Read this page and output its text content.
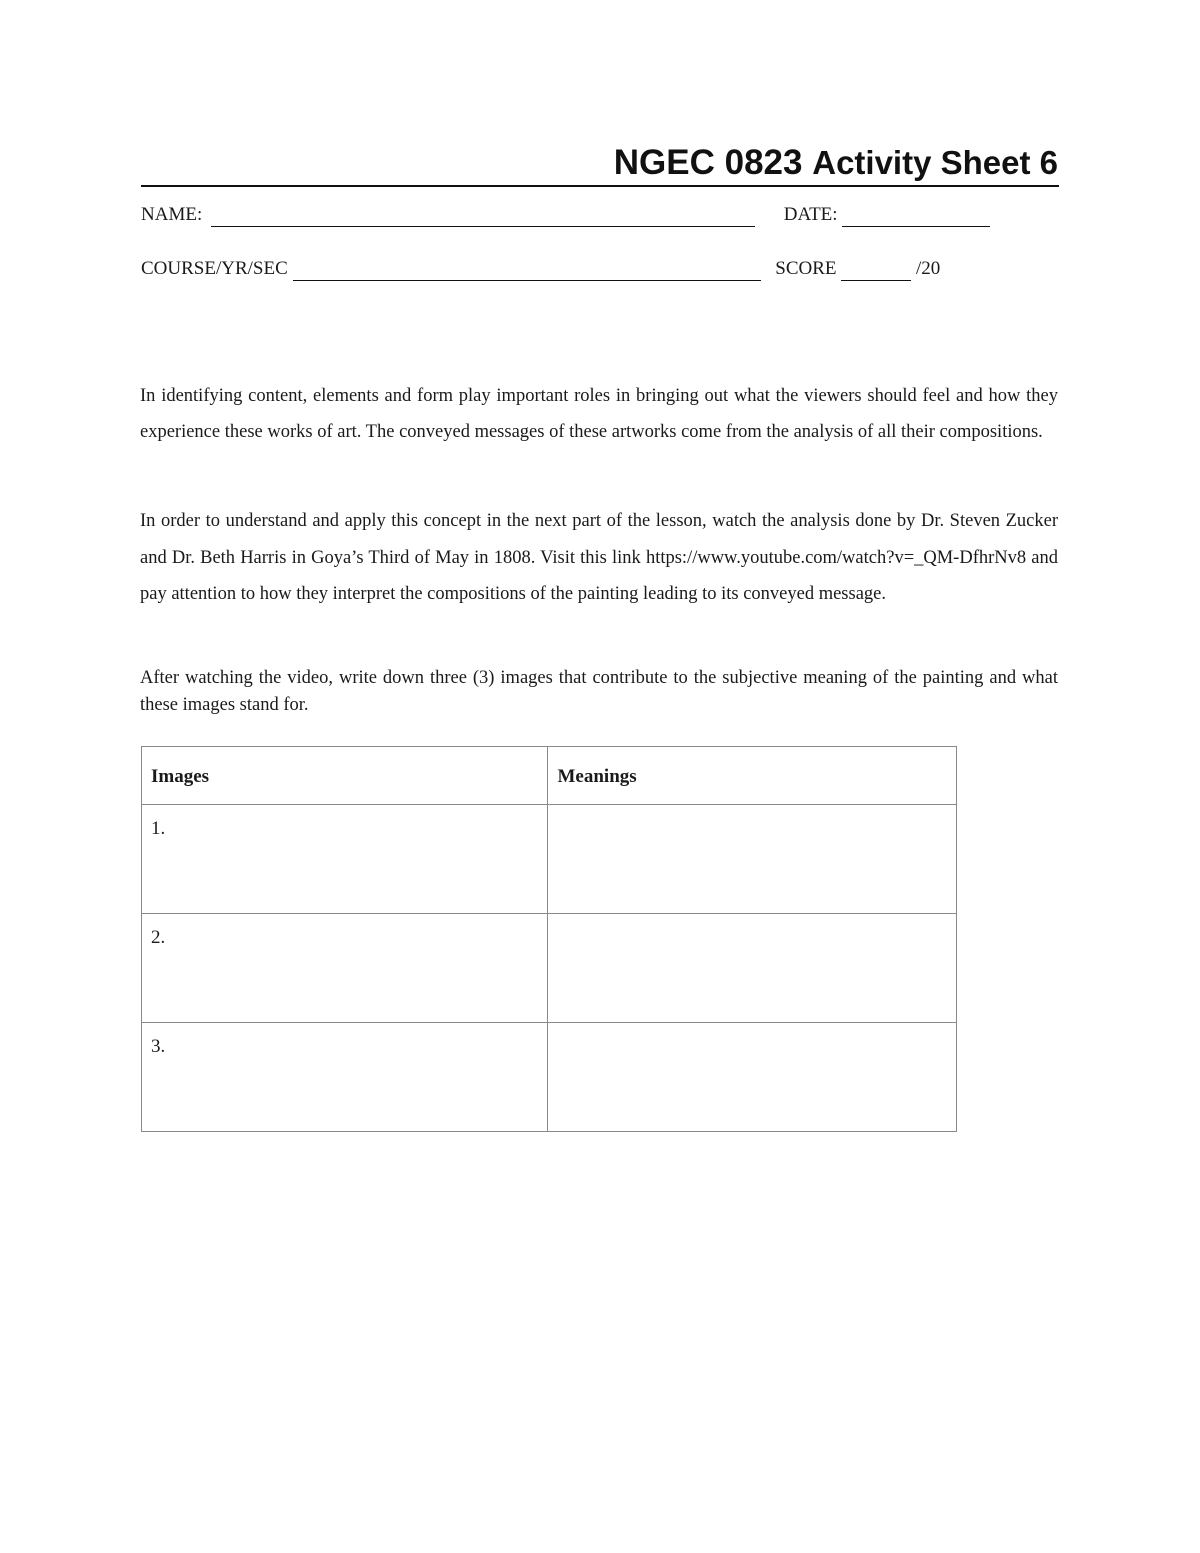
NGEC 0823 Activity Sheet 6
NAME:	DATE:
COURSE/YR/SEC	SCORE	/20

In identifying content, elements and form play important roles in bringing out what the viewers should feel and how they experience these works of art. The conveyed messages of these artworks come from the analysis of all their compositions.

In order to understand and apply this concept in the next part of the lesson, watch the analysis done by Dr. Steven Zucker and Dr. Beth Harris in Goya’s Third of May in 1808. Visit this link https://www.youtube.com/watch?v=_QM-DfhrNv8 and pay attention to how they interpret the compositions of the painting leading to its conveyed message.

After watching the video, write down three (3) images that contribute to the subjective meaning of the painting and what these images stand for.

Images	Meanings
1.	
2.	
3.	
